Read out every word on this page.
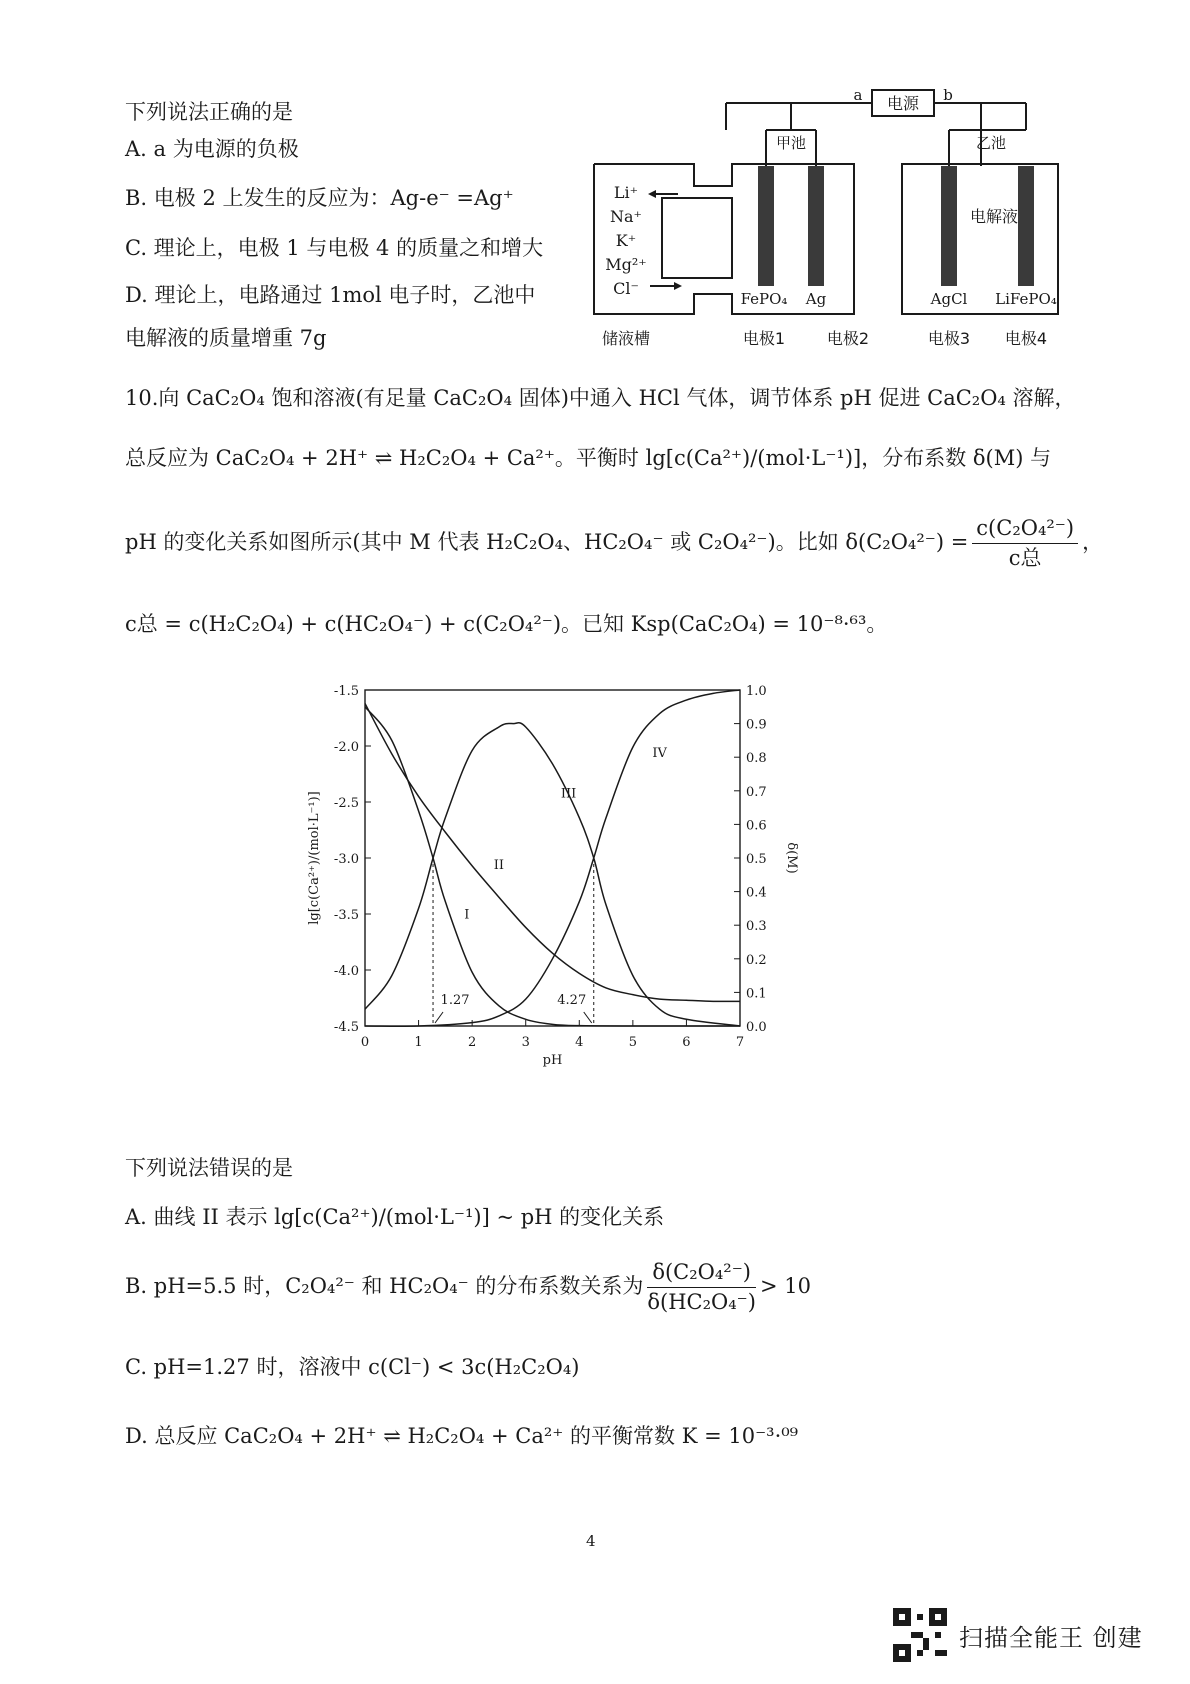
下列说法正确的是
A. a 为电源的负极
B. 电极 2 上发生的反应为：Ag-e⁻ =Ag⁺
C. 理论上，电极 1 与电极 4 的质量之和增大
D. 理论上，电路通过 1mol 电子时，乙池中
电解液的质量增重 7g
电源
a	b
甲池	乙池
电解液
Li⁺
Na⁺
K⁺
Mg²⁺
Cl⁻
FePO₄ Ag	AgCl LiFePO₄
储液槽	电极1	电极2	电极3 电极4
10.向 CaC₂O₄ 饱和溶液(有足量 CaC₂O₄ 固体)中通入 HCl 气体，调节体系 pH 促进 CaC₂O₄ 溶解，
总反应为 CaC₂O₄ + 2H⁺ ⇌ H₂C₂O₄ + Ca²⁺。平衡时 lg[c(Ca²⁺)/(mol·L⁻¹)]，分布系数 δ(M) 与
pH 的变化关系如图所示(其中 M 代表 H₂C₂O₄、HC₂O₄⁻ 或 C₂O₄²⁻)。比如 $\delta(C_2O_4^{2-}) = \frac{\text{c(C₂O₄²⁻)}}{\text{c总}}$ ，
c总 = c(H₂C₂O₄) + c(HC₂O₄⁻) + c(C₂O₄²⁻)。已知 Ksp(CaC₂O₄) = 10⁻⁸·⁶³。
0	1	2	3	4	5	6	7
-1.5
-2.0
-2.5
-3.0
-3.5
-4.0
-4.5
1.0
0.9
0.8
0.7
0.6
0.5
0.4
0.3
0.2
0.1
0.0
pH
lg[c(Ca²⁺)/(mol·L⁻¹)]	δ(M)
I
II
III
IV
1.27	4.27
下列说法错误的是
A. 曲线 II 表示 lg[c(Ca²⁺)/(mol·L⁻¹)] ~ pH 的变化关系
B. pH=5.5 时，C₂O₄²⁻ 和 HC₂O₄⁻ 的分布系数关系为 $\frac{\text{δ(C₂O₄²⁻)}}{\text{δ(HC₂O₄⁻)}} > 10$
C. pH=1.27 时，溶液中 c(Cl⁻) < 3c(H₂C₂O₄)
D. 总反应 CaC₂O₄ + 2H⁺ ⇌ H₂C₂O₄ + Ca²⁺ 的平衡常数 K = 10⁻³·⁰⁹
4
扫描全能王 创建
